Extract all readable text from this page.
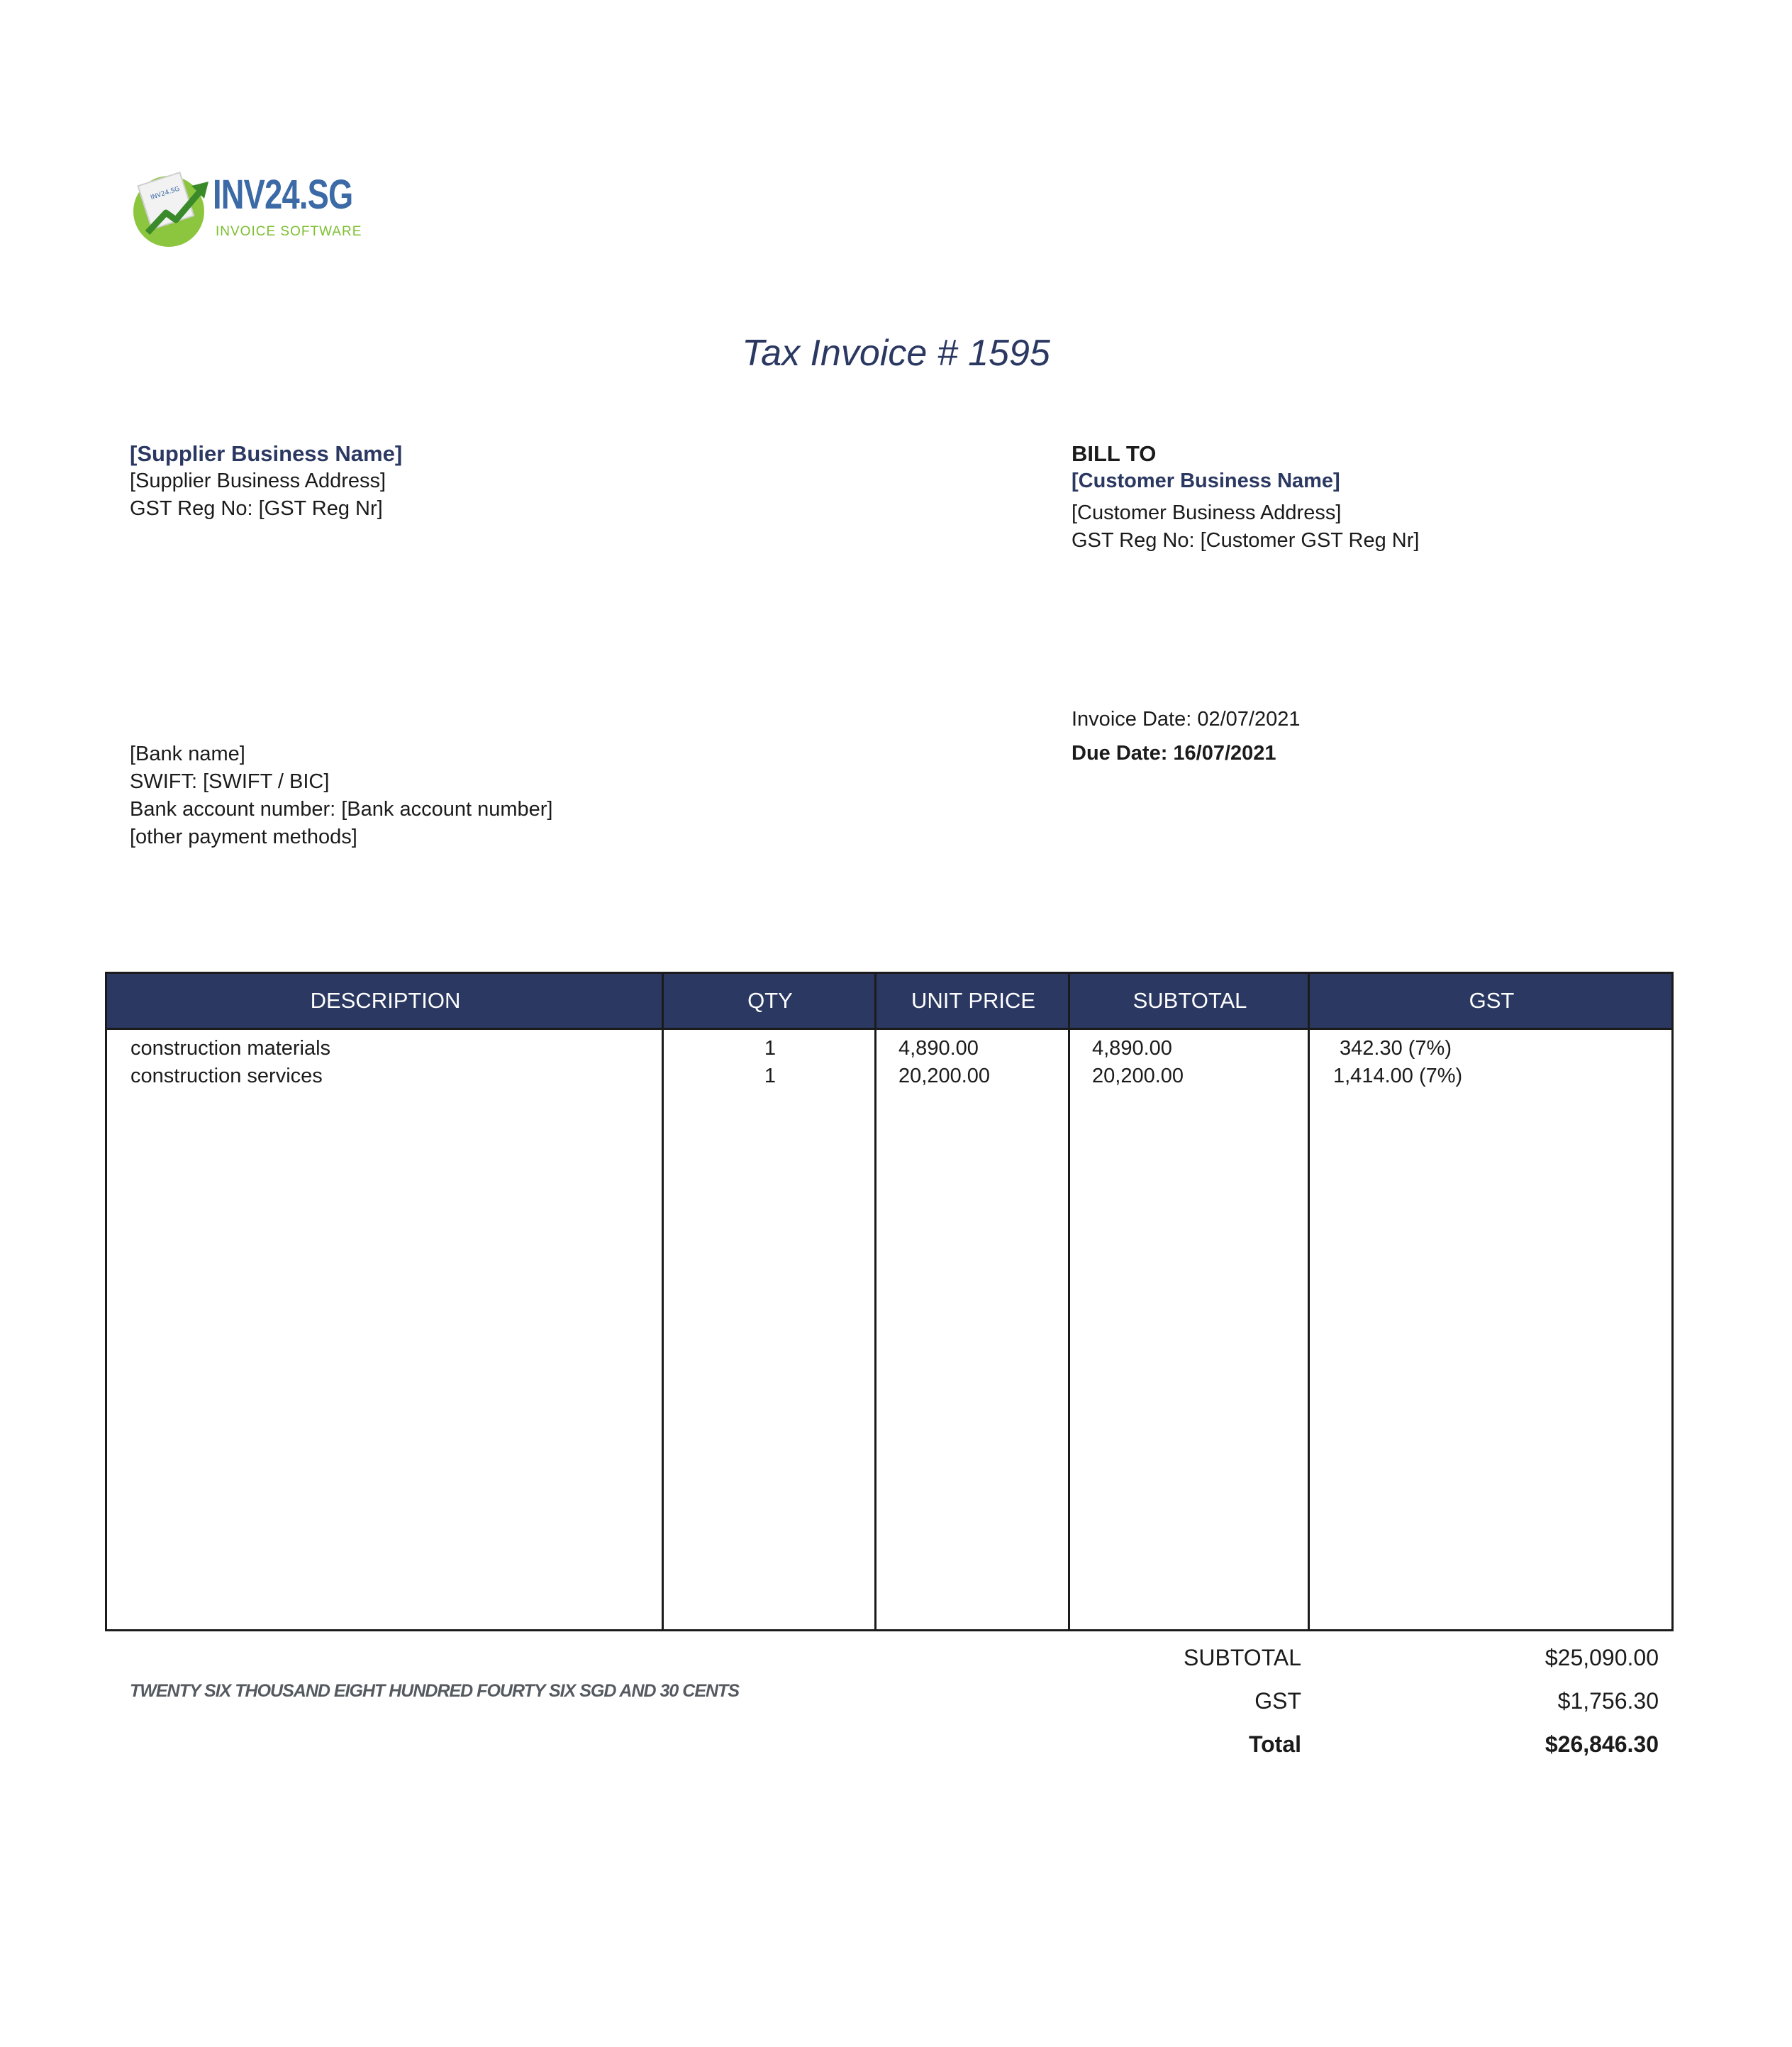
INV24.SG INV24.SG
INVOICE SOFTWARE
Tax Invoice # 1595
[Supplier Business Name]
[Supplier Business Address]
GST Reg No: [GST Reg Nr]
BILL TO
[Customer Business Name]
[Customer Business Address]
GST Reg No: [Customer GST Reg Nr]
Invoice Date: 02/07/2021
Due Date: 16/07/2021
[Bank name]
SWIFT: [SWIFT / BIC]
Bank account number: [Bank account number]
[other payment methods]
DESCRIPTION	QTY	UNIT PRICE	SUBTOTAL	GST
construction materials	1	4,890.00	4,890.00	342.30 (7%)
construction services	1	20,200.00	20,200.00	1,414.00 (7%)
TWENTY SIX THOUSAND EIGHT HUNDRED FOURTY SIX SGD AND 30 CENTS
SUBTOTAL	$25,090.00
GST	$1,756.30
Total	$26,846.30
